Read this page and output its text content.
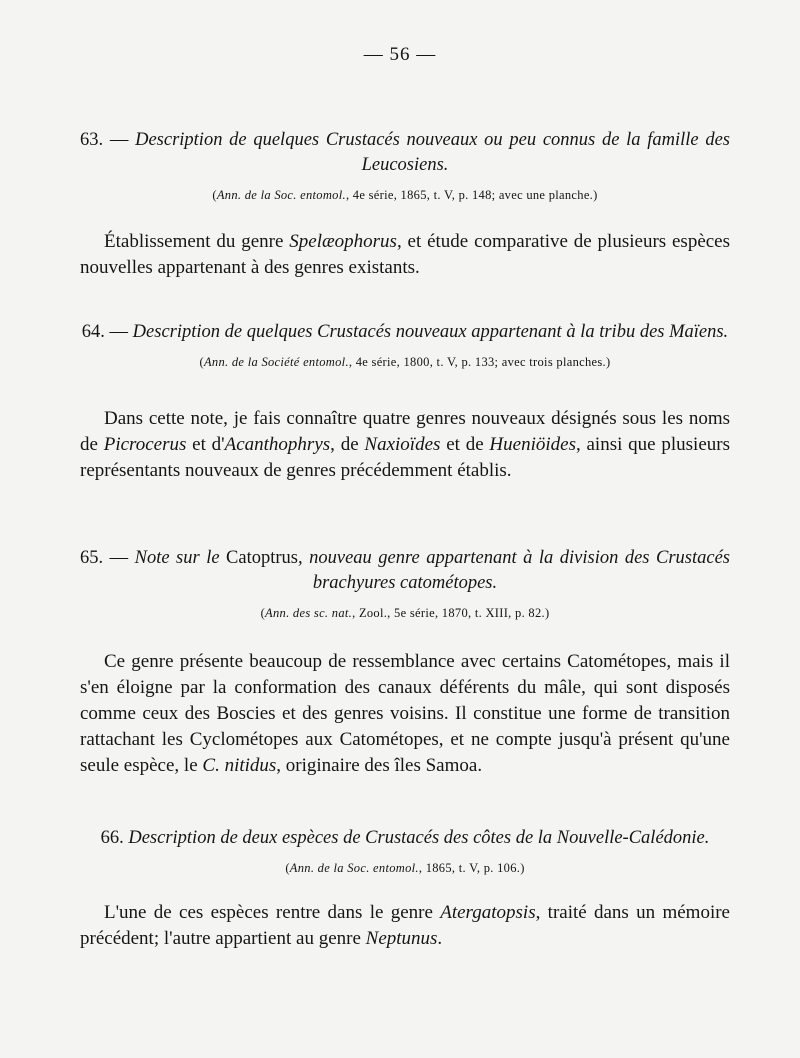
— 56 —

63. — Description de quelques Crustacés nouveaux ou peu connus de la famille des Leucosiens.

(Ann. de la Soc. entomol., 4e série, 1865, t. V, p. 148; avec une planche.)

Établissement du genre Spelæophorus, et étude comparative de plusieurs espèces nouvelles appartenant à des genres existants.

64. — Description de quelques Crustacés nouveaux appartenant à la tribu des Maïens.

(Ann. de la Société entomol., 4e série, 1800, t. V, p. 133; avec trois planches.)

Dans cette note, je fais connaître quatre genres nouveaux désignés sous les noms de Picrocerus et d'Acanthophrys, de Naxioïdes et de Hueniöides, ainsi que plusieurs représentants nouveaux de genres précédemment établis.

65. — Note sur le Catoptrus, nouveau genre appartenant à la division des Crustacés brachyures catométopes.

(Ann. des sc. nat., Zool., 5e série, 1870, t. XIII, p. 82.)

Ce genre présente beaucoup de ressemblance avec certains Catométopes, mais il s'en éloigne par la conformation des canaux déférents du mâle, qui sont disposés comme ceux des Boscies et des genres voisins. Il constitue une forme de transition rattachant les Cyclométopes aux Catométopes, et ne compte jusqu'à présent qu'une seule espèce, le C. nitidus, originaire des îles Samoa.

66. Description de deux espèces de Crustacés des côtes de la Nouvelle-Calédonie.

(Ann. de la Soc. entomol., 1865, t. V, p. 106.)

L'une de ces espèces rentre dans le genre Atergatopsis, traité dans un mémoire précédent; l'autre appartient au genre Neptunus.
